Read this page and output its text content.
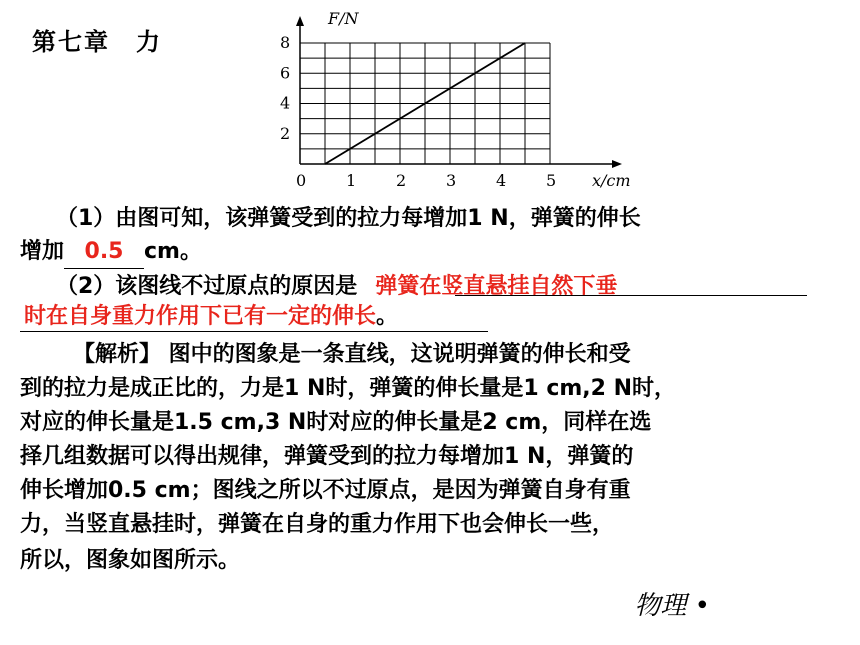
第七章　力
0 1 2 3 4 5
2
4
6
8
F/N
x/cm
（1）由图可知，该弹簧受到的拉力每增加1 N，弹簧的伸长
增加 0.5 cm。
（2）该图线不过原点的原因是 弹簧在竖直悬挂自然下垂
时在自身重力作用下已有一定的伸长。
　【解析】 图中的图象是一条直线，这说明弹簧的伸长和受
到的拉力是成正比的，力是1 N时，弹簧的伸长量是1 cm,2 N时，
对应的伸长量是1.5 cm,3 N时对应的伸长量是2 cm，同样在选
择几组数据可以得出规律，弹簧受到的拉力每增加1 N，弹簧的
伸长增加0.5 cm；图线之所以不过原点，是因为弹簧自身有重
力，当竖直悬挂时，弹簧在自身的重力作用下也会伸长一些，
所以，图象如图所示。
物理 •
